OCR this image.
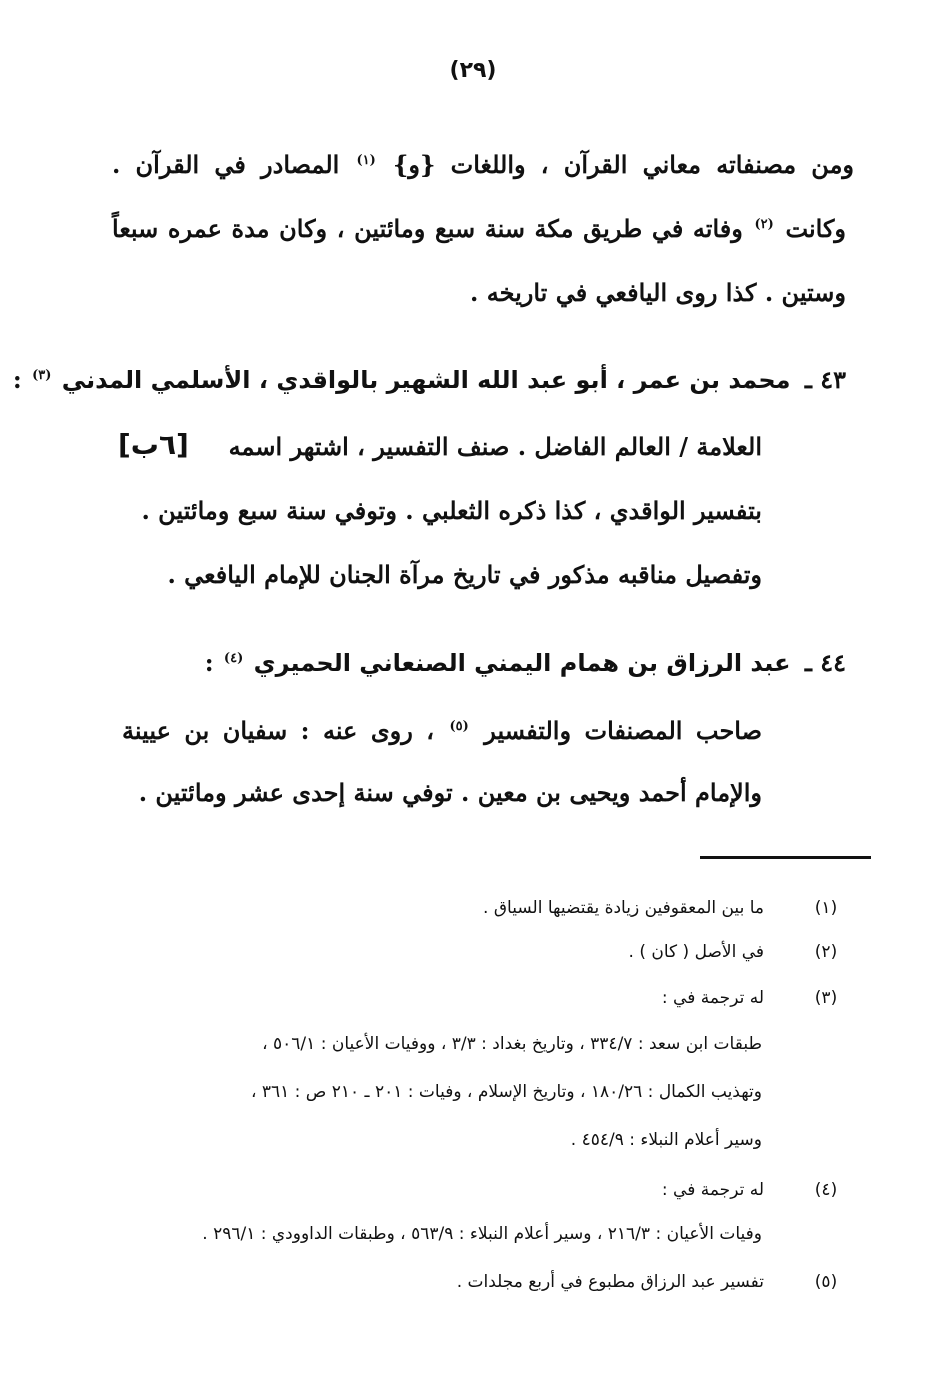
(٢٩)
ومن مصنفاته معاني القرآن ، واللغات {و} $^{(١)}$ المصادر في القرآن .
وكانت $^{(٢)}$ وفاته في طريق مكة سنة سبع ومائتين ، وكان مدة عمره سبعاً
وستين . كذا روى اليافعي في تاريخه .
٤٣ ـ محمد بن عمر ، أبو عبد الله الشهير بالواقدي ، الأسلمي المدني $^{(٣)}$ :
العلامة / العالم الفاضل . صنف التفسير ، اشتهر اسمه
[٦ب]
بتفسير الواقدي ، كذا ذكره الثعلبي . وتوفي سنة سبع ومائتين .
وتفصيل مناقبه مذكور في تاريخ مرآة الجنان للإمام اليافعي .
٤٤ ـ عبد الرزاق بن همام اليمني الصنعاني الحميري $^{(٤)}$ :
صاحب المصنفات والتفسير $^{(٥)}$ ، روى عنه : سفيان بن عيينة
والإمام أحمد ويحيى بن معين . توفي سنة إحدى عشر ومائتين .
(١)
ما بين المعقوفين زيادة يقتضيها السياق .
(٢)
في الأصل ( كان ) .
(٣)
له ترجمة في :
طبقات ابن سعد : ٣٣٤/٧ ، وتاريخ بغداد : ٣/٣ ، ووفيات الأعيان : ٥٠٦/١ ،
وتهذيب الكمال : ١٨٠/٢٦ ، وتاريخ الإسلام ، وفيات : ٢٠١ ـ ٢١٠ ص : ٣٦١ ،
وسير أعلام النبلاء : ٤٥٤/٩ .
(٤)
له ترجمة في :
وفيات الأعيان : ٢١٦/٣ ، وسير أعلام النبلاء : ٥٦٣/٩ ، وطبقات الداوودي : ٢٩٦/١ .
(٥)
تفسير عبد الرزاق مطبوع في أربع مجلدات .
